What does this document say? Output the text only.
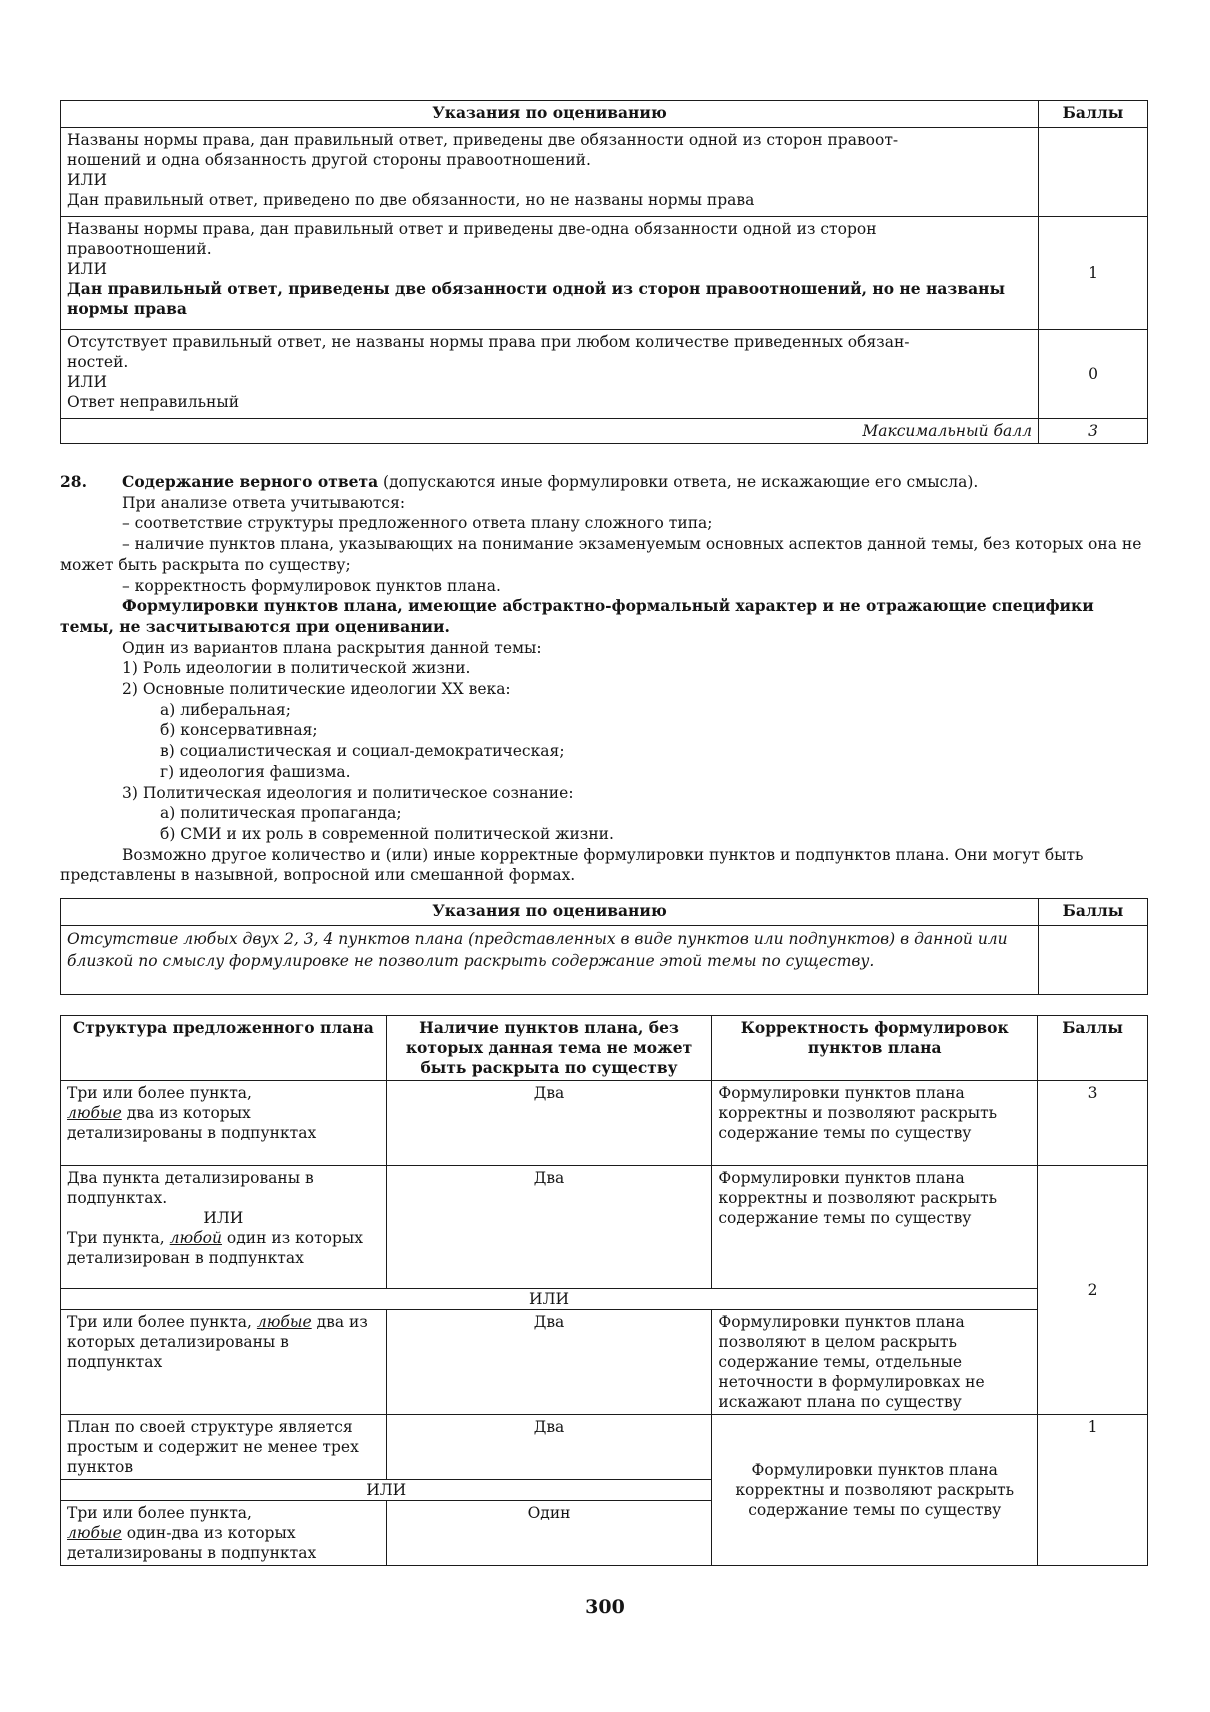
Указания по оцениванию	Баллы

Названы нормы права, дан правильный ответ, приведены две обязанности одной из сторон правоот-
ношений и одна обязанность другой стороны правоотношений.
ИЛИ
Дан правильный ответ, приведено по две обязанности, но не названы нормы права	

Названы нормы права, дан правильный ответ и приведены две-одна обязанности одной из сторон
правоотношений.
ИЛИ
Дан правильный ответ, приведены две обязанности одной из сторон правоотношений, но не названы нормы права	1

Отсутствует правильный ответ, не названы нормы права при любом количестве приведенных обязан-
ностей.
ИЛИ
Ответ неправильный	0
Максимальный балл	3
28.	Содержание верного ответа (допускаются иные формулировки ответа, не искажающие его смысла).

При анализе ответа учитываются:

– соответствие структуры предложенного ответа плану сложного типа;

– наличие пунктов плана, указывающих на понимание экзаменуемым основных аспектов данной темы, без которых она не может быть раскрыта по существу;

– корректность формулировок пунктов плана.

Формулировки пунктов плана, имеющие абстрактно-формальный характер и не отражающие специфики темы, не засчитываются при оценивании.

Один из вариантов плана раскрытия данной темы:

1) Роль идеологии в политической жизни.

2) Основные политические идеологии XX века:

а) либеральная;

б) консервативная;

в) социалистическая и социал-демократическая;

г) идеология фашизма.

3) Политическая идеология и политическое сознание:

а) политическая пропаганда;

б) СМИ и их роль в современной политической жизни.

Возможно другое количество и (или) иные корректные формулировки пунктов и подпунктов плана. Они могут быть представлены в назывной, вопросной или смешанной формах.

Указания по оцениванию	Баллы
Отсутствие любых двух 2, 3, 4 пунктов плана (представленных в виде пунктов или подпунктов) в данной или близкой по смыслу формулировке не позволит раскрыть содержание этой темы по существу.	
Структура предложенного плана	Наличие пунктов плана, без которых данная тема не может быть раскрыта по существу	Корректность формулировок пунктов плана	Баллы
Три или более пункта,
любые два из которых детализированы в подпунктах	Два	Формулировки пунктов плана корректны и позволяют раскрыть содержание темы по существу	3
Два пункта детализированы в подпунктах.
ИЛИ
Три пункта, любой один из которых детализирован в подпунктах	Два	Формулировки пунктов плана корректны и позволяют раскрыть содержание темы по существу	2
ИЛИ			
Три или более пункта, любые два из которых детализированы в подпунктах	Два	Формулировки пунктов плана позволяют в целом раскрыть содержание темы, отдельные неточности в формулировках не искажают плана по существу	
План по своей структуре является простым и содержит не менее трех пунктов	Два	Формулировки пунктов плана корректны и позволяют раскрыть содержание темы по существу	1
ИЛИ			
Три или более пункта,
любые один-два из которых детализированы в подпунктах	Один		
300
